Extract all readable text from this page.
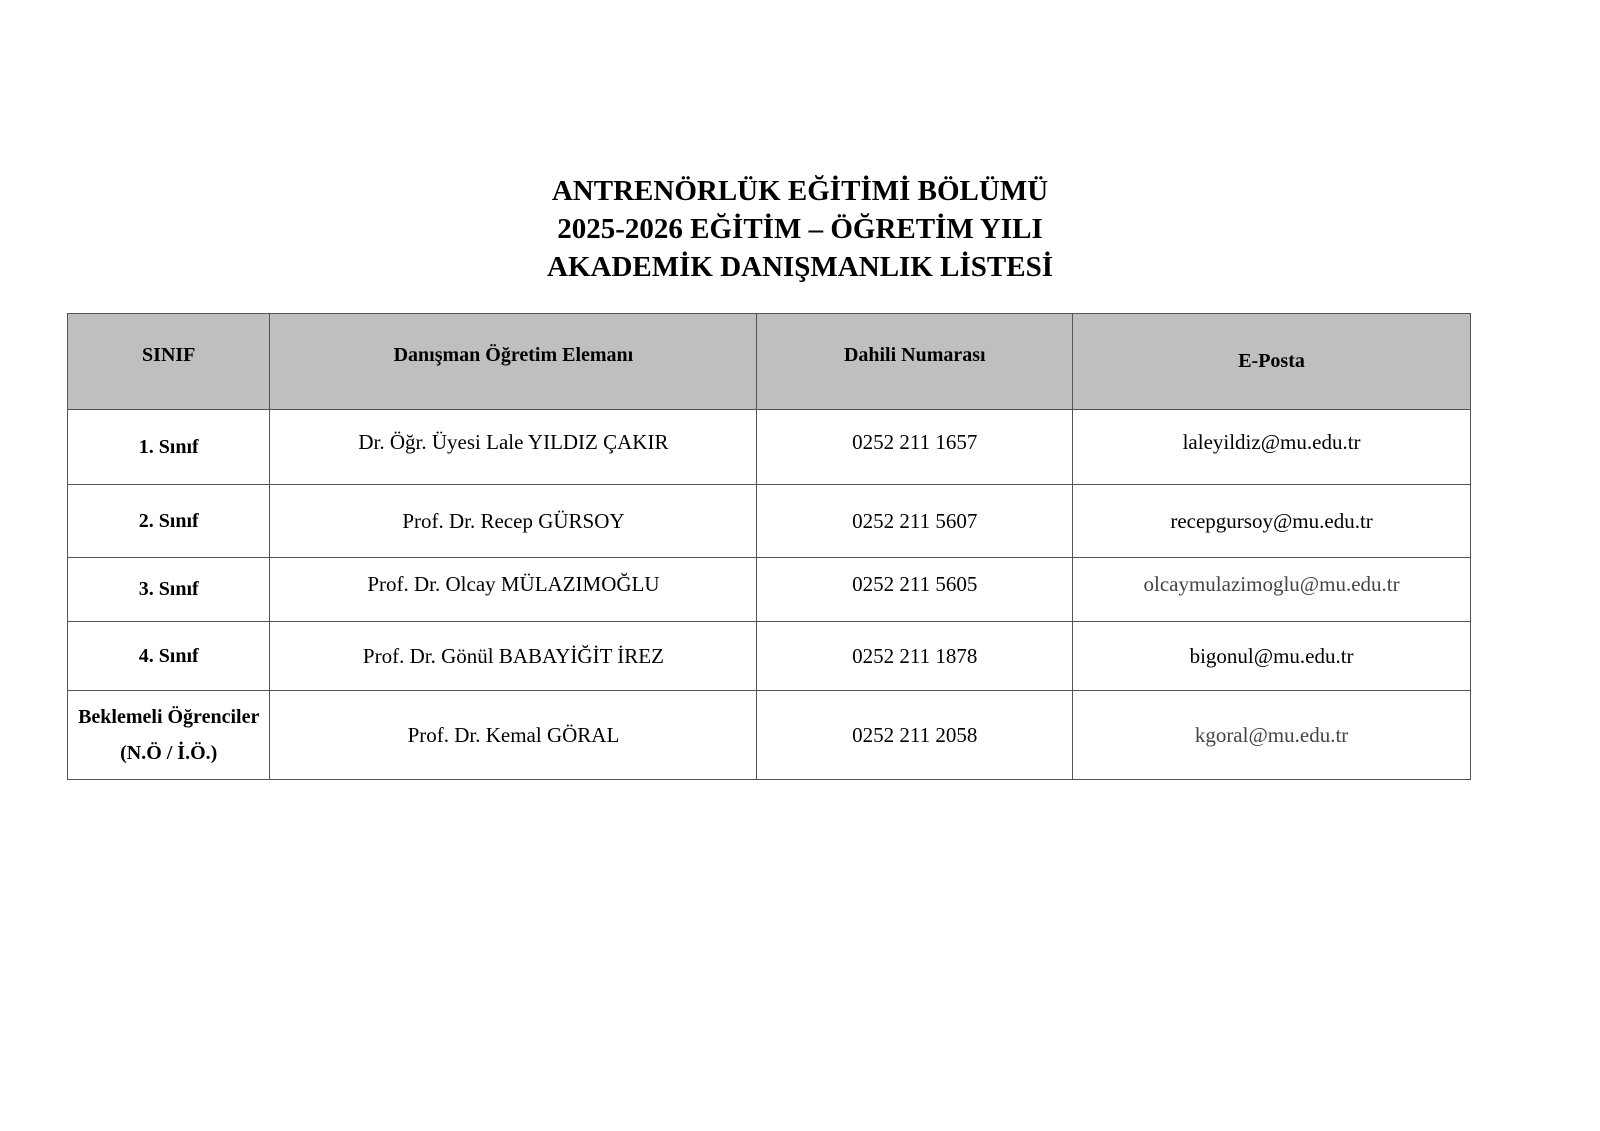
ANTRENÖRLÜK EĞİTİMİ BÖLÜMÜ
2025-2026 EĞİTİM – ÖĞRETİM YILI
AKADEMİK DANIŞMANLIK LİSTESİ
SINIF	Danışman Öğretim Elemanı	Dahili Numarası	E-Posta
1. Sınıf	Dr. Öğr. Üyesi Lale YILDIZ ÇAKIR	0252 211 1657	laleyildiz@mu.edu.tr
2. Sınıf	Prof. Dr. Recep GÜRSOY	0252 211 5607	recepgursoy@mu.edu.tr
3. Sınıf	Prof. Dr. Olcay MÜLAZIMOĞLU	0252 211 5605	olcaymulazimoglu@mu.edu.tr
4. Sınıf	Prof. Dr. Gönül BABAYİĞİT İREZ	0252 211 1878	bigonul@mu.edu.tr
Beklemeli Öğrenciler
(N.Ö / İ.Ö.)	Prof. Dr. Kemal GÖRAL	0252 211 2058	kgoral@mu.edu.tr
